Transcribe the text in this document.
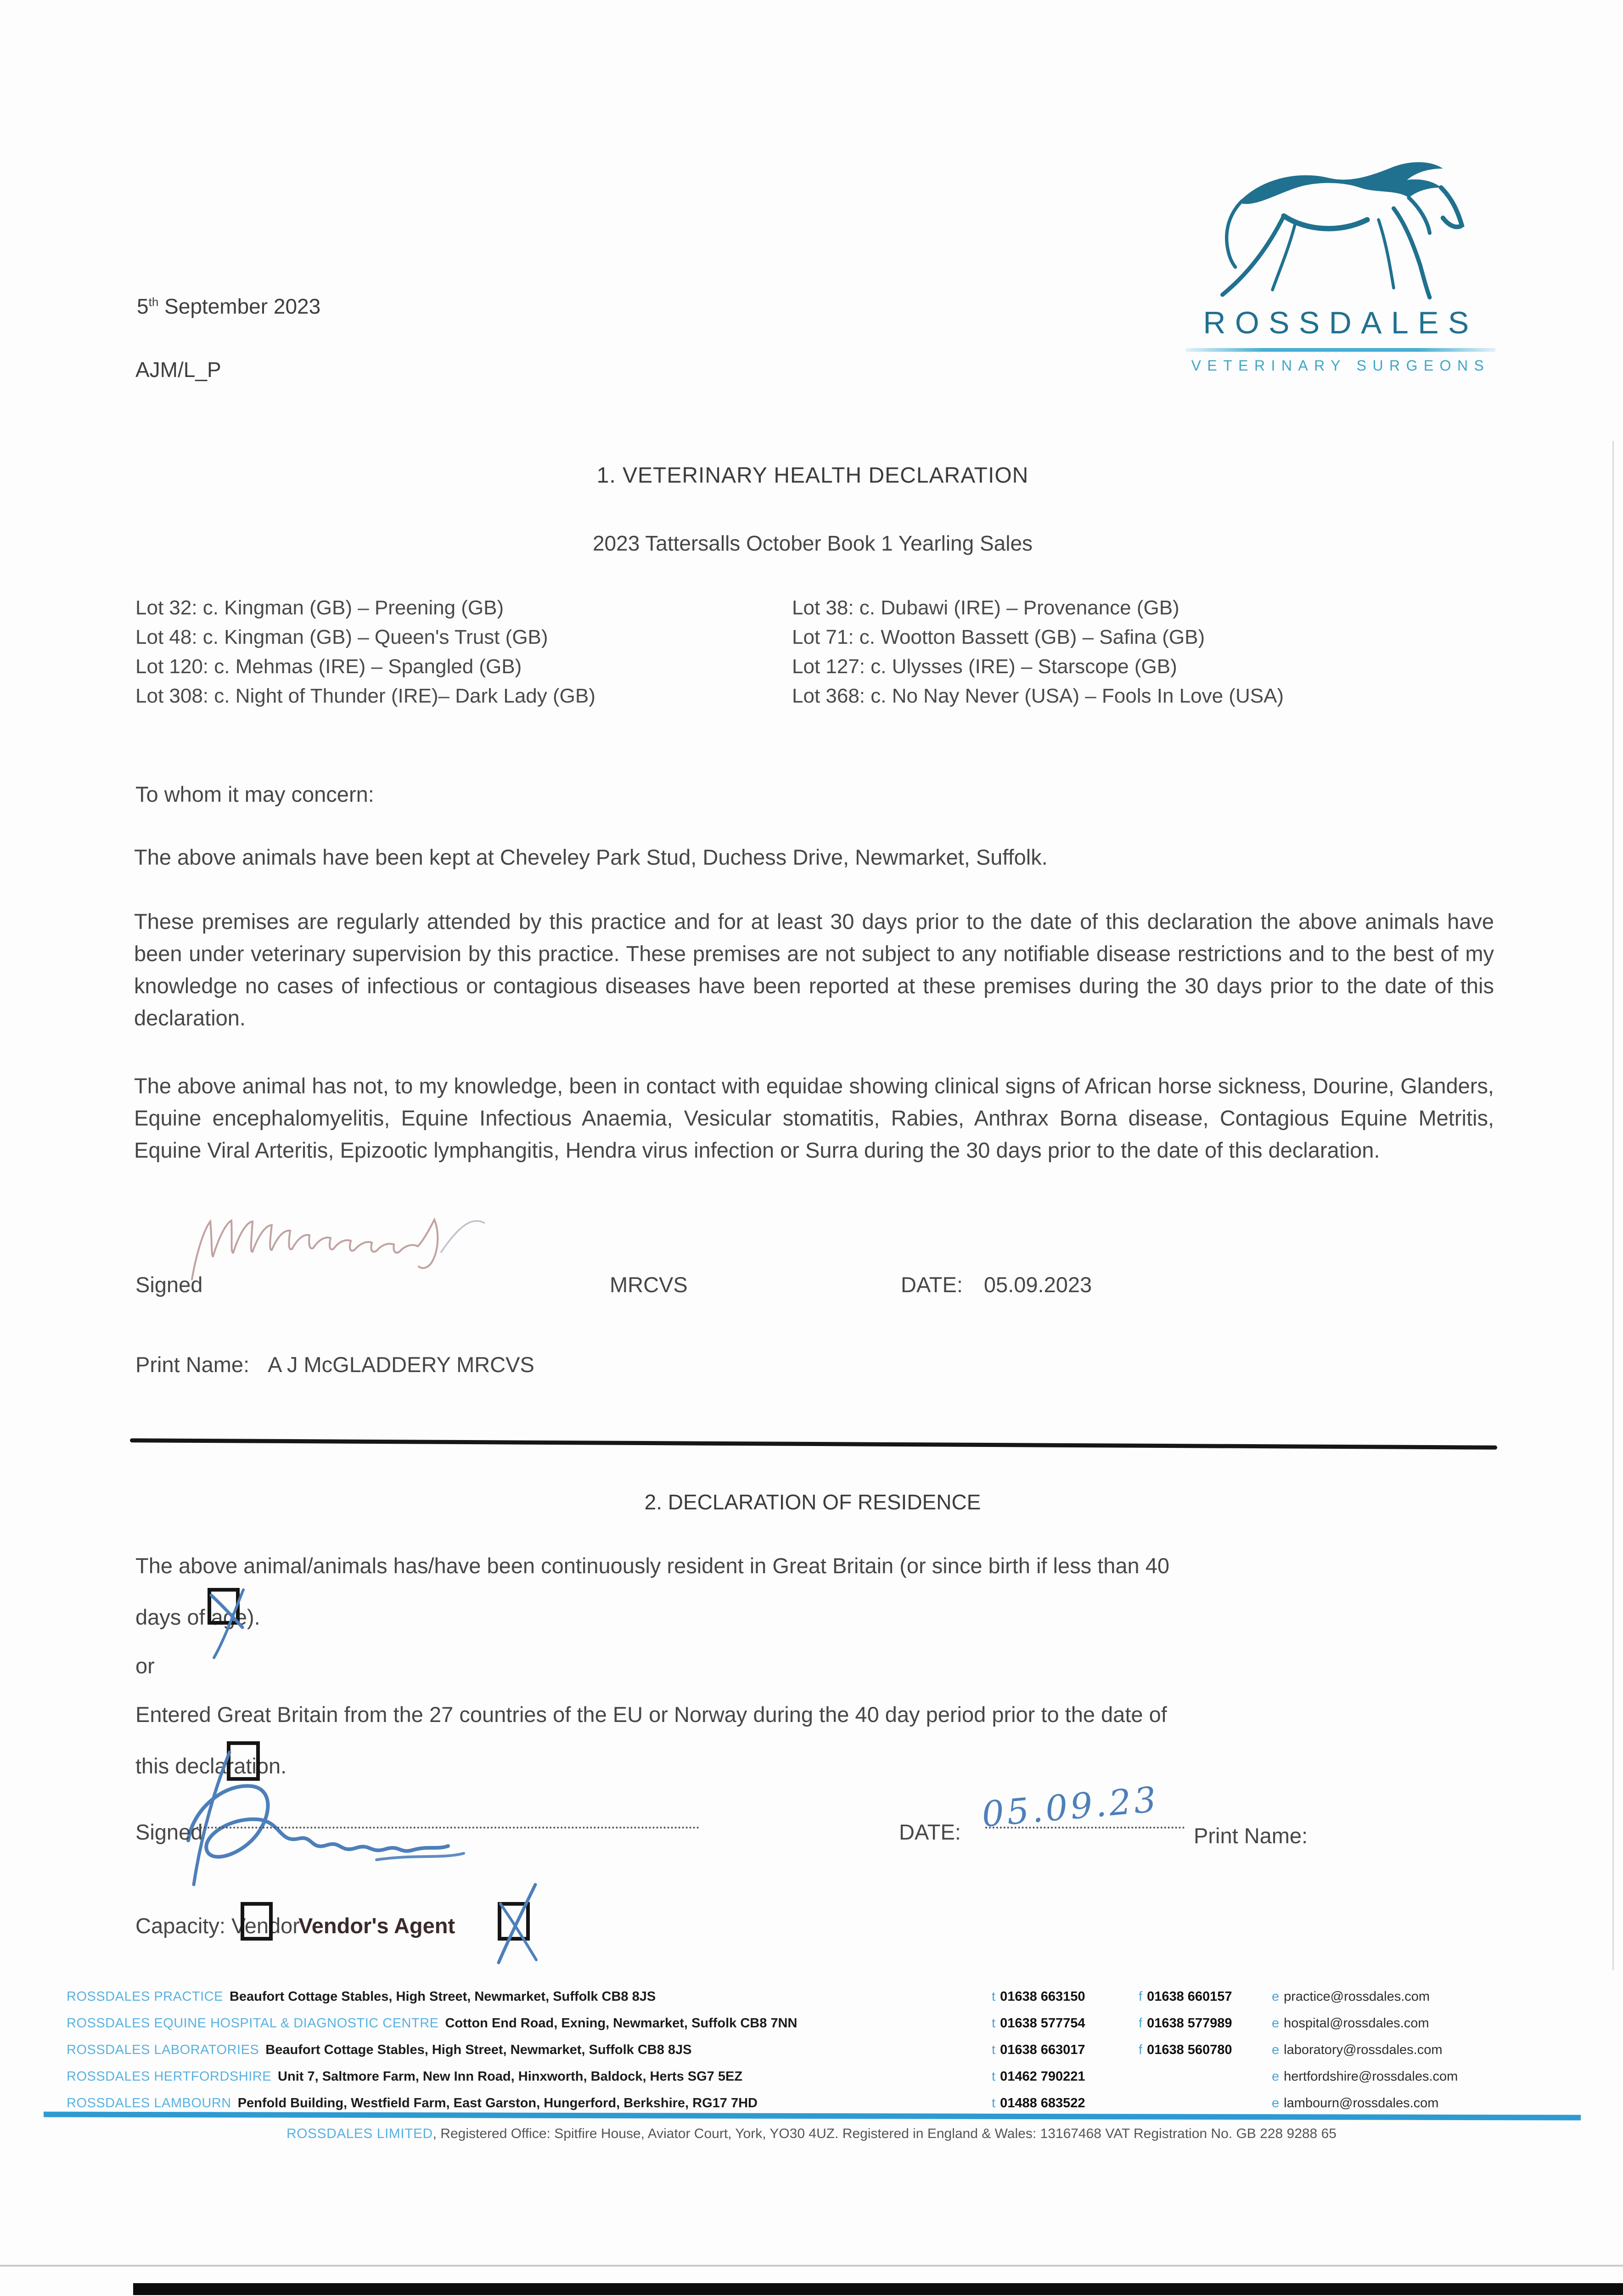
5th September 2023
AJM/L_P
ROSSDALES
VETERINARY SURGEONS
1. VETERINARY HEALTH DECLARATION
2023 Tattersalls October Book 1 Yearling Sales
Lot 32: c. Kingman (GB) – Preening (GB)
Lot 48: c. Kingman (GB) – Queen's Trust (GB)
Lot 120: c. Mehmas (IRE) – Spangled (GB)
Lot 308: c. Night of Thunder (IRE)– Dark Lady (GB)
Lot 38: c. Dubawi (IRE) – Provenance (GB)
Lot 71: c. Wootton Bassett (GB) – Safina (GB)
Lot 127: c. Ulysses (IRE) – Starscope (GB)
Lot 368: c. No Nay Never (USA) – Fools In Love (USA)
To whom it may concern:
The above animals have been kept at Cheveley Park Stud, Duchess Drive, Newmarket, Suffolk.
These premises are regularly attended by this practice and for at least 30 days prior to the date of this declaration the above animals have been under veterinary supervision by this practice. These premises are not subject to any notifiable disease restrictions and to the best of my knowledge no cases of infectious or contagious diseases have been reported at these premises during the 30 days prior to the date of this declaration.
The above animal has not, to my knowledge, been in contact with equidae showing clinical signs of African horse sickness, Dourine, Glanders, Equine encephalomyelitis, Equine Infectious Anaemia, Vesicular stomatitis, Rabies, Anthrax Borna disease, Contagious Equine Metritis, Equine Viral Arteritis, Epizootic lymphangitis, Hendra virus infection or Surra during the 30 days prior to the date of this declaration.
Signed	MRCVS	DATE: 05.09.2023
Print Name: A J McGLADDERY MRCVS
2. DECLARATION OF RESIDENCE
The above animal/animals has/have been continuously resident in Great Britain (or since birth if less than 40
days of age).
or
Entered Great Britain from the 27 countries of the EU or Norway during the 40 day period prior to the date of
this declaration.
Signed	DATE: 05.09.23
Print Name:
Capacity: Vendor
Vendor's Agent
ROSSDALES PRACTICE Beaufort Cottage Stables, High Street, Newmarket, Suffolk CB8 8JS	t 01638 663150	f 01638 660157	e practice@rossdales.com
ROSSDALES EQUINE HOSPITAL & DIAGNOSTIC CENTRE Cotton End Road, Exning, Newmarket, Suffolk CB8 7NN	t 01638 577754	f 01638 577989	e hospital@rossdales.com
ROSSDALES LABORATORIES Beaufort Cottage Stables, High Street, Newmarket, Suffolk CB8 8JS	t 01638 663017	f 01638 560780	e laboratory@rossdales.com
ROSSDALES HERTFORDSHIRE Unit 7, Saltmore Farm, New Inn Road, Hinxworth, Baldock, Herts SG7 5EZ	t 01462 790221	e hertfordshire@rossdales.com
ROSSDALES LAMBOURN Penfold Building, Westfield Farm, East Garston, Hungerford, Berkshire, RG17 7HD	t 01488 683522	e lambourn@rossdales.com
ROSSDALES LIMITED, Registered Office: Spitfire House, Aviator Court, York, YO30 4UZ. Registered in England & Wales: 13167468 VAT Registration No. GB 228 9288 65
